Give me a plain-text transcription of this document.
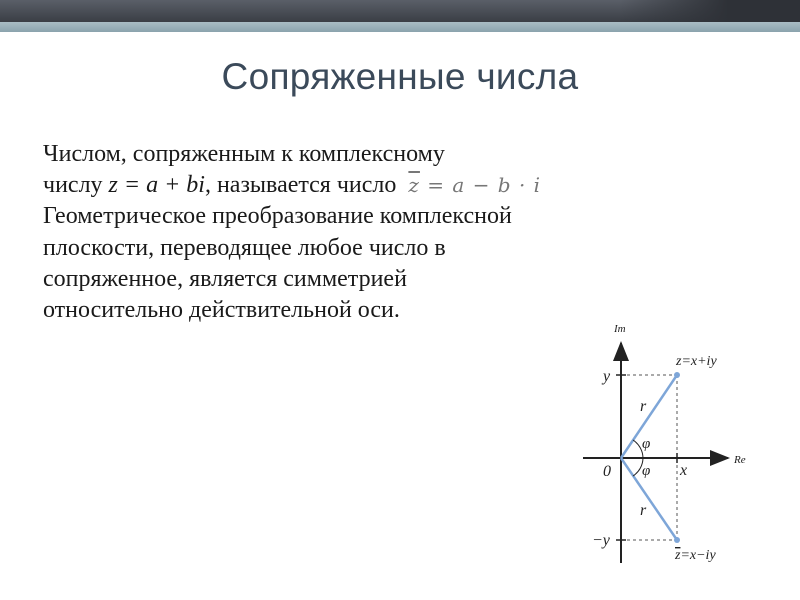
Сопряженные числа
Числом, сопряженным к комплексному
числу z = a + bi, называется число $\overline{z} = a - b \cdot i$
Геометрическое преобразование комплексной
плоскости, переводящее любое число в
сопряженное, является симметрией
относительно действительной оси.
Im
Re
0	x
y
−y
r
r
φ
φ
z=x+iy
z=x−iy
